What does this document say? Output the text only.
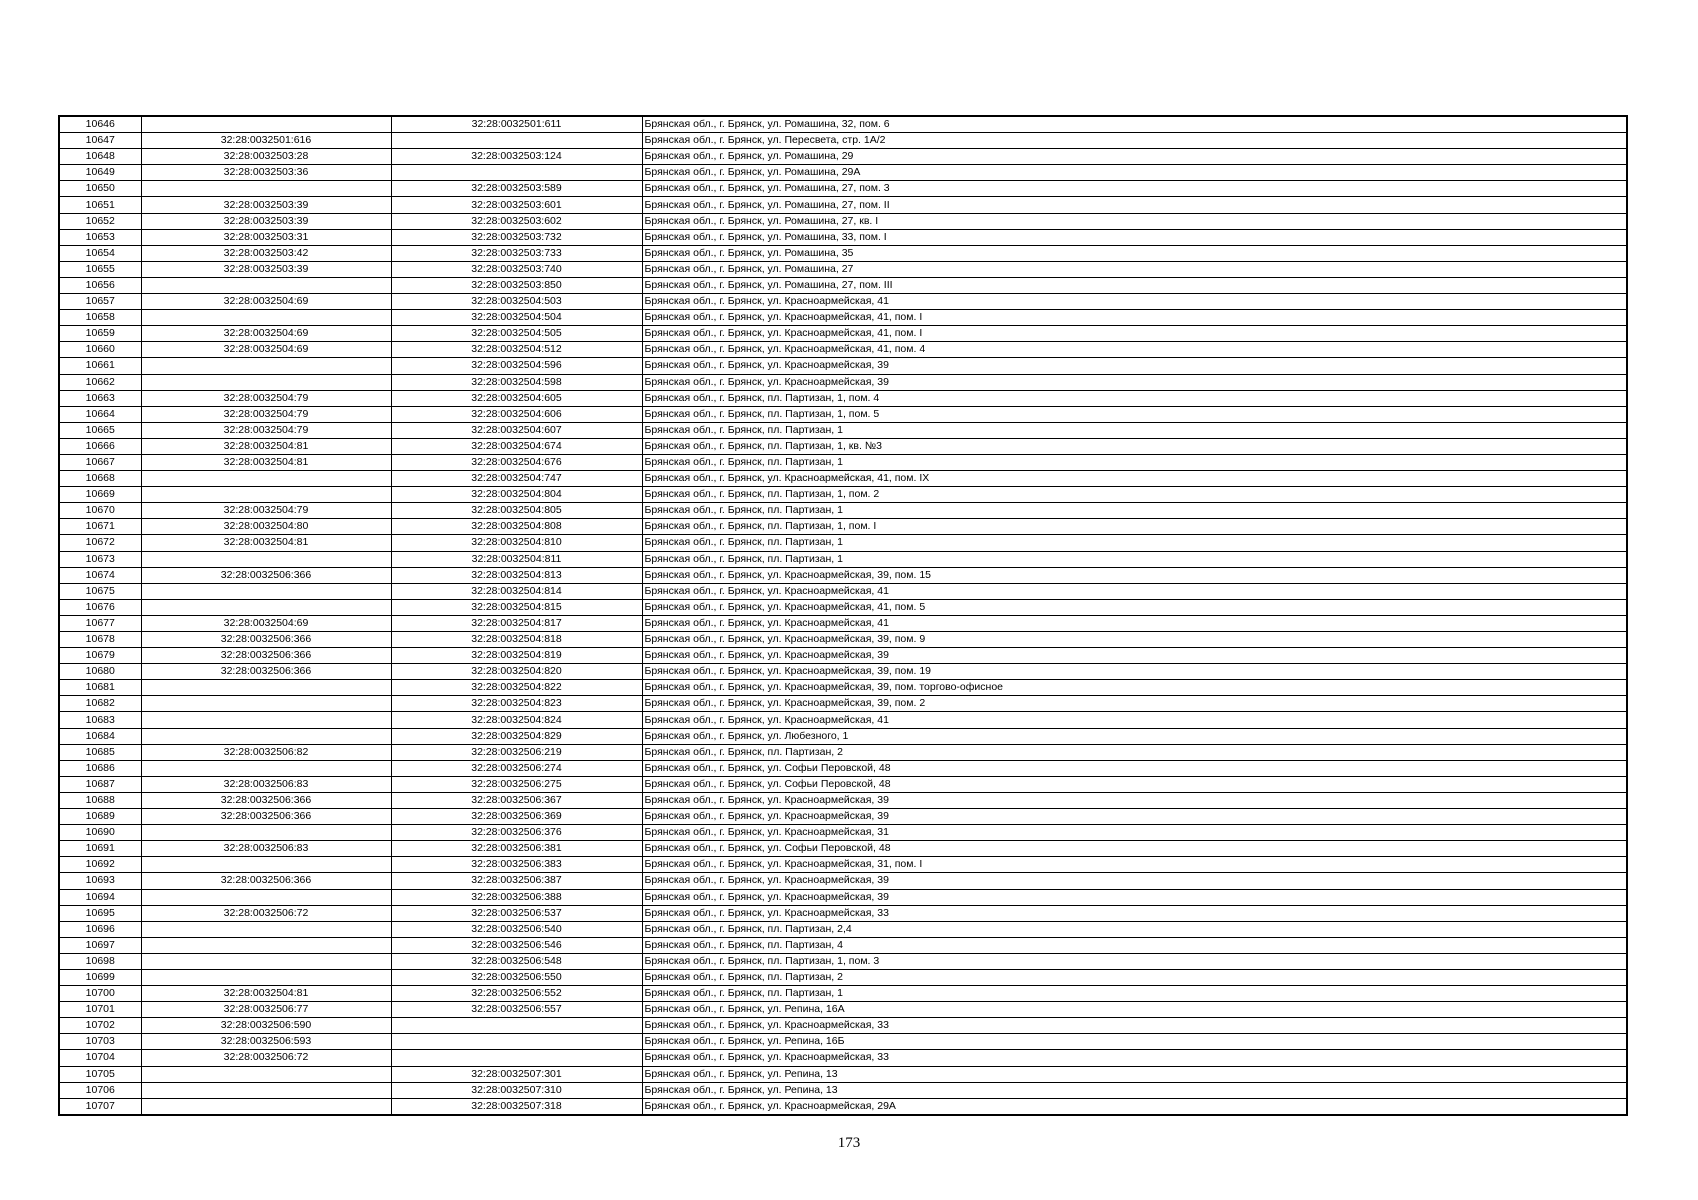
10646		32:28:0032501:611	Брянская обл., г. Брянск, ул. Ромашина, 32, пом. 6
10647	32:28:0032501:616		Брянская обл., г. Брянск, ул. Пересвета, стр. 1А/2
10648	32:28:0032503:28	32:28:0032503:124	Брянская обл., г. Брянск, ул. Ромашина, 29
10649	32:28:0032503:36		Брянская обл., г. Брянск, ул. Ромашина, 29А
10650		32:28:0032503:589	Брянская обл., г. Брянск, ул. Ромашина, 27, пом. 3
10651	32:28:0032503:39	32:28:0032503:601	Брянская обл., г. Брянск, ул. Ромашина, 27, пом. II
10652	32:28:0032503:39	32:28:0032503:602	Брянская обл., г. Брянск, ул. Ромашина, 27, кв. I
10653	32:28:0032503:31	32:28:0032503:732	Брянская обл., г. Брянск, ул. Ромашина, 33, пом. I
10654	32:28:0032503:42	32:28:0032503:733	Брянская обл., г. Брянск, ул. Ромашина, 35
10655	32:28:0032503:39	32:28:0032503:740	Брянская обл., г. Брянск, ул. Ромашина, 27
10656		32:28:0032503:850	Брянская обл., г. Брянск, ул. Ромашина, 27, пом. III
10657	32:28:0032504:69	32:28:0032504:503	Брянская обл., г. Брянск, ул. Красноармейская, 41
10658		32:28:0032504:504	Брянская обл., г. Брянск, ул. Красноармейская, 41, пом. I
10659	32:28:0032504:69	32:28:0032504:505	Брянская обл., г. Брянск, ул. Красноармейская, 41, пом. I
10660	32:28:0032504:69	32:28:0032504:512	Брянская обл., г. Брянск, ул. Красноармейская, 41, пом. 4
10661		32:28:0032504:596	Брянская обл., г. Брянск, ул. Красноармейская, 39
10662		32:28:0032504:598	Брянская обл., г. Брянск, ул. Красноармейская, 39
10663	32:28:0032504:79	32:28:0032504:605	Брянская обл., г. Брянск, пл. Партизан, 1, пом. 4
10664	32:28:0032504:79	32:28:0032504:606	Брянская обл., г. Брянск, пл. Партизан, 1, пом. 5
10665	32:28:0032504:79	32:28:0032504:607	Брянская обл., г. Брянск, пл. Партизан, 1
10666	32:28:0032504:81	32:28:0032504:674	Брянская обл., г. Брянск, пл. Партизан, 1, кв. №3
10667	32:28:0032504:81	32:28:0032504:676	Брянская обл., г. Брянск, пл. Партизан, 1
10668		32:28:0032504:747	Брянская обл., г. Брянск, ул. Красноармейская, 41, пом. IX
10669		32:28:0032504:804	Брянская обл., г. Брянск, пл. Партизан, 1, пом. 2
10670	32:28:0032504:79	32:28:0032504:805	Брянская обл., г. Брянск, пл. Партизан, 1
10671	32:28:0032504:80	32:28:0032504:808	Брянская обл., г. Брянск, пл. Партизан, 1, пом. I
10672	32:28:0032504:81	32:28:0032504:810	Брянская обл., г. Брянск, пл. Партизан, 1
10673		32:28:0032504:811	Брянская обл., г. Брянск, пл. Партизан, 1
10674	32:28:0032506:366	32:28:0032504:813	Брянская обл., г. Брянск, ул. Красноармейская, 39, пом. 15
10675		32:28:0032504:814	Брянская обл., г. Брянск, ул. Красноармейская, 41
10676		32:28:0032504:815	Брянская обл., г. Брянск, ул. Красноармейская, 41, пом. 5
10677	32:28:0032504:69	32:28:0032504:817	Брянская обл., г. Брянск, ул. Красноармейская, 41
10678	32:28:0032506:366	32:28:0032504:818	Брянская обл., г. Брянск, ул. Красноармейская, 39, пом. 9
10679	32:28:0032506:366	32:28:0032504:819	Брянская обл., г. Брянск, ул. Красноармейская, 39
10680	32:28:0032506:366	32:28:0032504:820	Брянская обл., г. Брянск, ул. Красноармейская, 39, пом. 19
10681		32:28:0032504:822	Брянская обл., г. Брянск, ул. Красноармейская, 39, пом. торгово-офисное
10682		32:28:0032504:823	Брянская обл., г. Брянск, ул. Красноармейская, 39, пом. 2
10683		32:28:0032504:824	Брянская обл., г. Брянск, ул. Красноармейская, 41
10684		32:28:0032504:829	Брянская обл., г. Брянск, ул. Любезного, 1
10685	32:28:0032506:82	32:28:0032506:219	Брянская обл., г. Брянск, пл. Партизан, 2
10686		32:28:0032506:274	Брянская обл., г. Брянск, ул. Софьи Перовской, 48
10687	32:28:0032506:83	32:28:0032506:275	Брянская обл., г. Брянск, ул. Софьи Перовской, 48
10688	32:28:0032506:366	32:28:0032506:367	Брянская обл., г. Брянск, ул. Красноармейская, 39
10689	32:28:0032506:366	32:28:0032506:369	Брянская обл., г. Брянск, ул. Красноармейская, 39
10690		32:28:0032506:376	Брянская обл., г. Брянск, ул. Красноармейская, 31
10691	32:28:0032506:83	32:28:0032506:381	Брянская обл., г. Брянск, ул. Софьи Перовской, 48
10692		32:28:0032506:383	Брянская обл., г. Брянск, ул. Красноармейская, 31, пом. I
10693	32:28:0032506:366	32:28:0032506:387	Брянская обл., г. Брянск, ул. Красноармейская, 39
10694		32:28:0032506:388	Брянская обл., г. Брянск, ул. Красноармейская, 39
10695	32:28:0032506:72	32:28:0032506:537	Брянская обл., г. Брянск, ул. Красноармейская, 33
10696		32:28:0032506:540	Брянская обл., г. Брянск, пл. Партизан, 2,4
10697		32:28:0032506:546	Брянская обл., г. Брянск, пл. Партизан, 4
10698		32:28:0032506:548	Брянская обл., г. Брянск, пл. Партизан, 1, пом. 3
10699		32:28:0032506:550	Брянская обл., г. Брянск, пл. Партизан, 2
10700	32:28:0032504:81	32:28:0032506:552	Брянская обл., г. Брянск, пл. Партизан, 1
10701	32:28:0032506:77	32:28:0032506:557	Брянская обл., г. Брянск, ул. Репина, 16А
10702	32:28:0032506:590		Брянская обл., г. Брянск, ул. Красноармейская, 33
10703	32:28:0032506:593		Брянская обл., г. Брянск, ул. Репина, 16Б
10704	32:28:0032506:72		Брянская обл., г. Брянск, ул. Красноармейская, 33
10705		32:28:0032507:301	Брянская обл., г. Брянск, ул. Репина, 13
10706		32:28:0032507:310	Брянская обл., г. Брянск, ул. Репина, 13
10707		32:28:0032507:318	Брянская обл., г. Брянск, ул. Красноармейская, 29А
173
